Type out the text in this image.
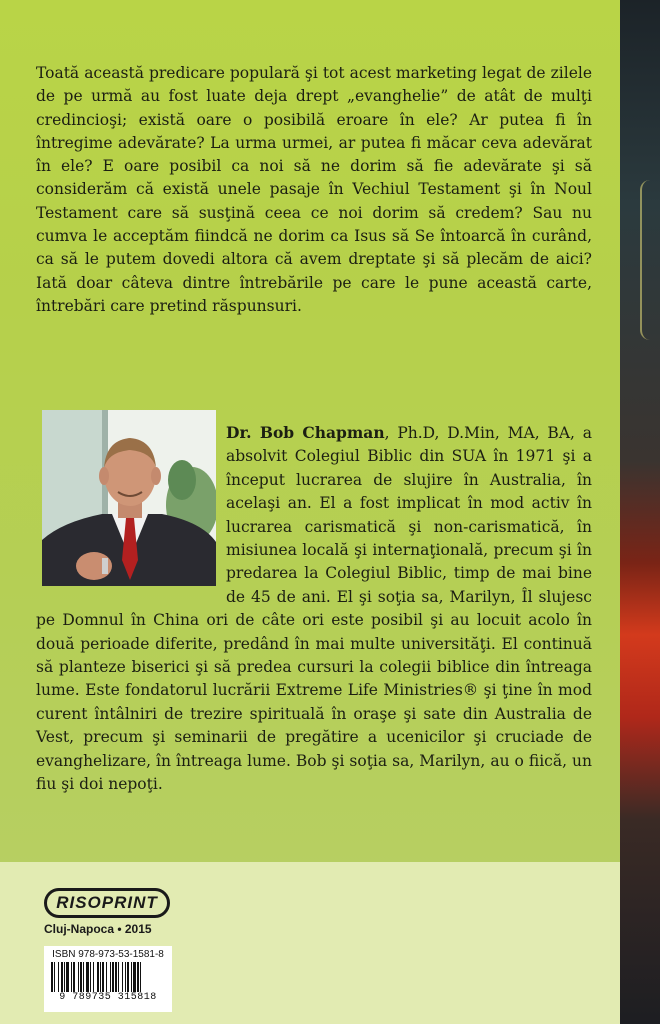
Toată această predicare populară şi tot acest marketing legat de zilele de pe urmă au fost luate deja drept „evanghelie” de atât de mulţi credincioşi; există oare o posibilă eroare în ele? Ar putea fi în întregime adevărate? La urma urmei, ar putea fi măcar ceva adevărat în ele? E oare posibil ca noi să ne dorim să fie adevărate şi să considerăm că există unele pasaje în Vechiul Testament şi în Noul Testament care să susţină ceea ce noi dorim să credem? Sau nu cumva le acceptăm fiindcă ne dorim ca Isus să Se întoarcă în curând, ca să le putem dovedi altora că avem dreptate şi să plecăm de aici? Iată doar câteva dintre întrebările pe care le pune această carte, întrebări care pretind răspunsuri.

Dr. Bob Chapman, Ph.D, D.Min, MA, BA, a absolvit Colegiul Biblic din SUA în 1971 şi a început lucrarea de slujire în Australia, în acelaşi an. El a fost implicat în mod activ în lucrarea carismatică şi non-carismatică, în misiunea locală şi internaţională, precum şi în predarea la Colegiul Biblic, timp de mai bine de 45 de ani. El şi soţia sa, Marilyn, Îl slujesc pe Domnul în China ori de câte ori este posibil şi au locuit acolo în două perioade diferite, predând în mai multe universităţi. El continuă să planteze biserici şi să predea cursuri la colegii biblice din întreaga lume. Este fondatorul lucrării Extreme Life Ministries® şi ţine în mod curent întâlniri de trezire spirituală în oraşe şi sate din Australia de Vest, precum şi seminarii de pregătire a ucenicilor şi cruciade de evanghelizare, în întreaga lume. Bob şi soţia sa, Marilyn, au o fiică, un fiu şi doi nepoţi.

RISOPRINT
Cluj-Napoca • 2015
ISBN 978-973-53-1581-8
9 789735 315818
